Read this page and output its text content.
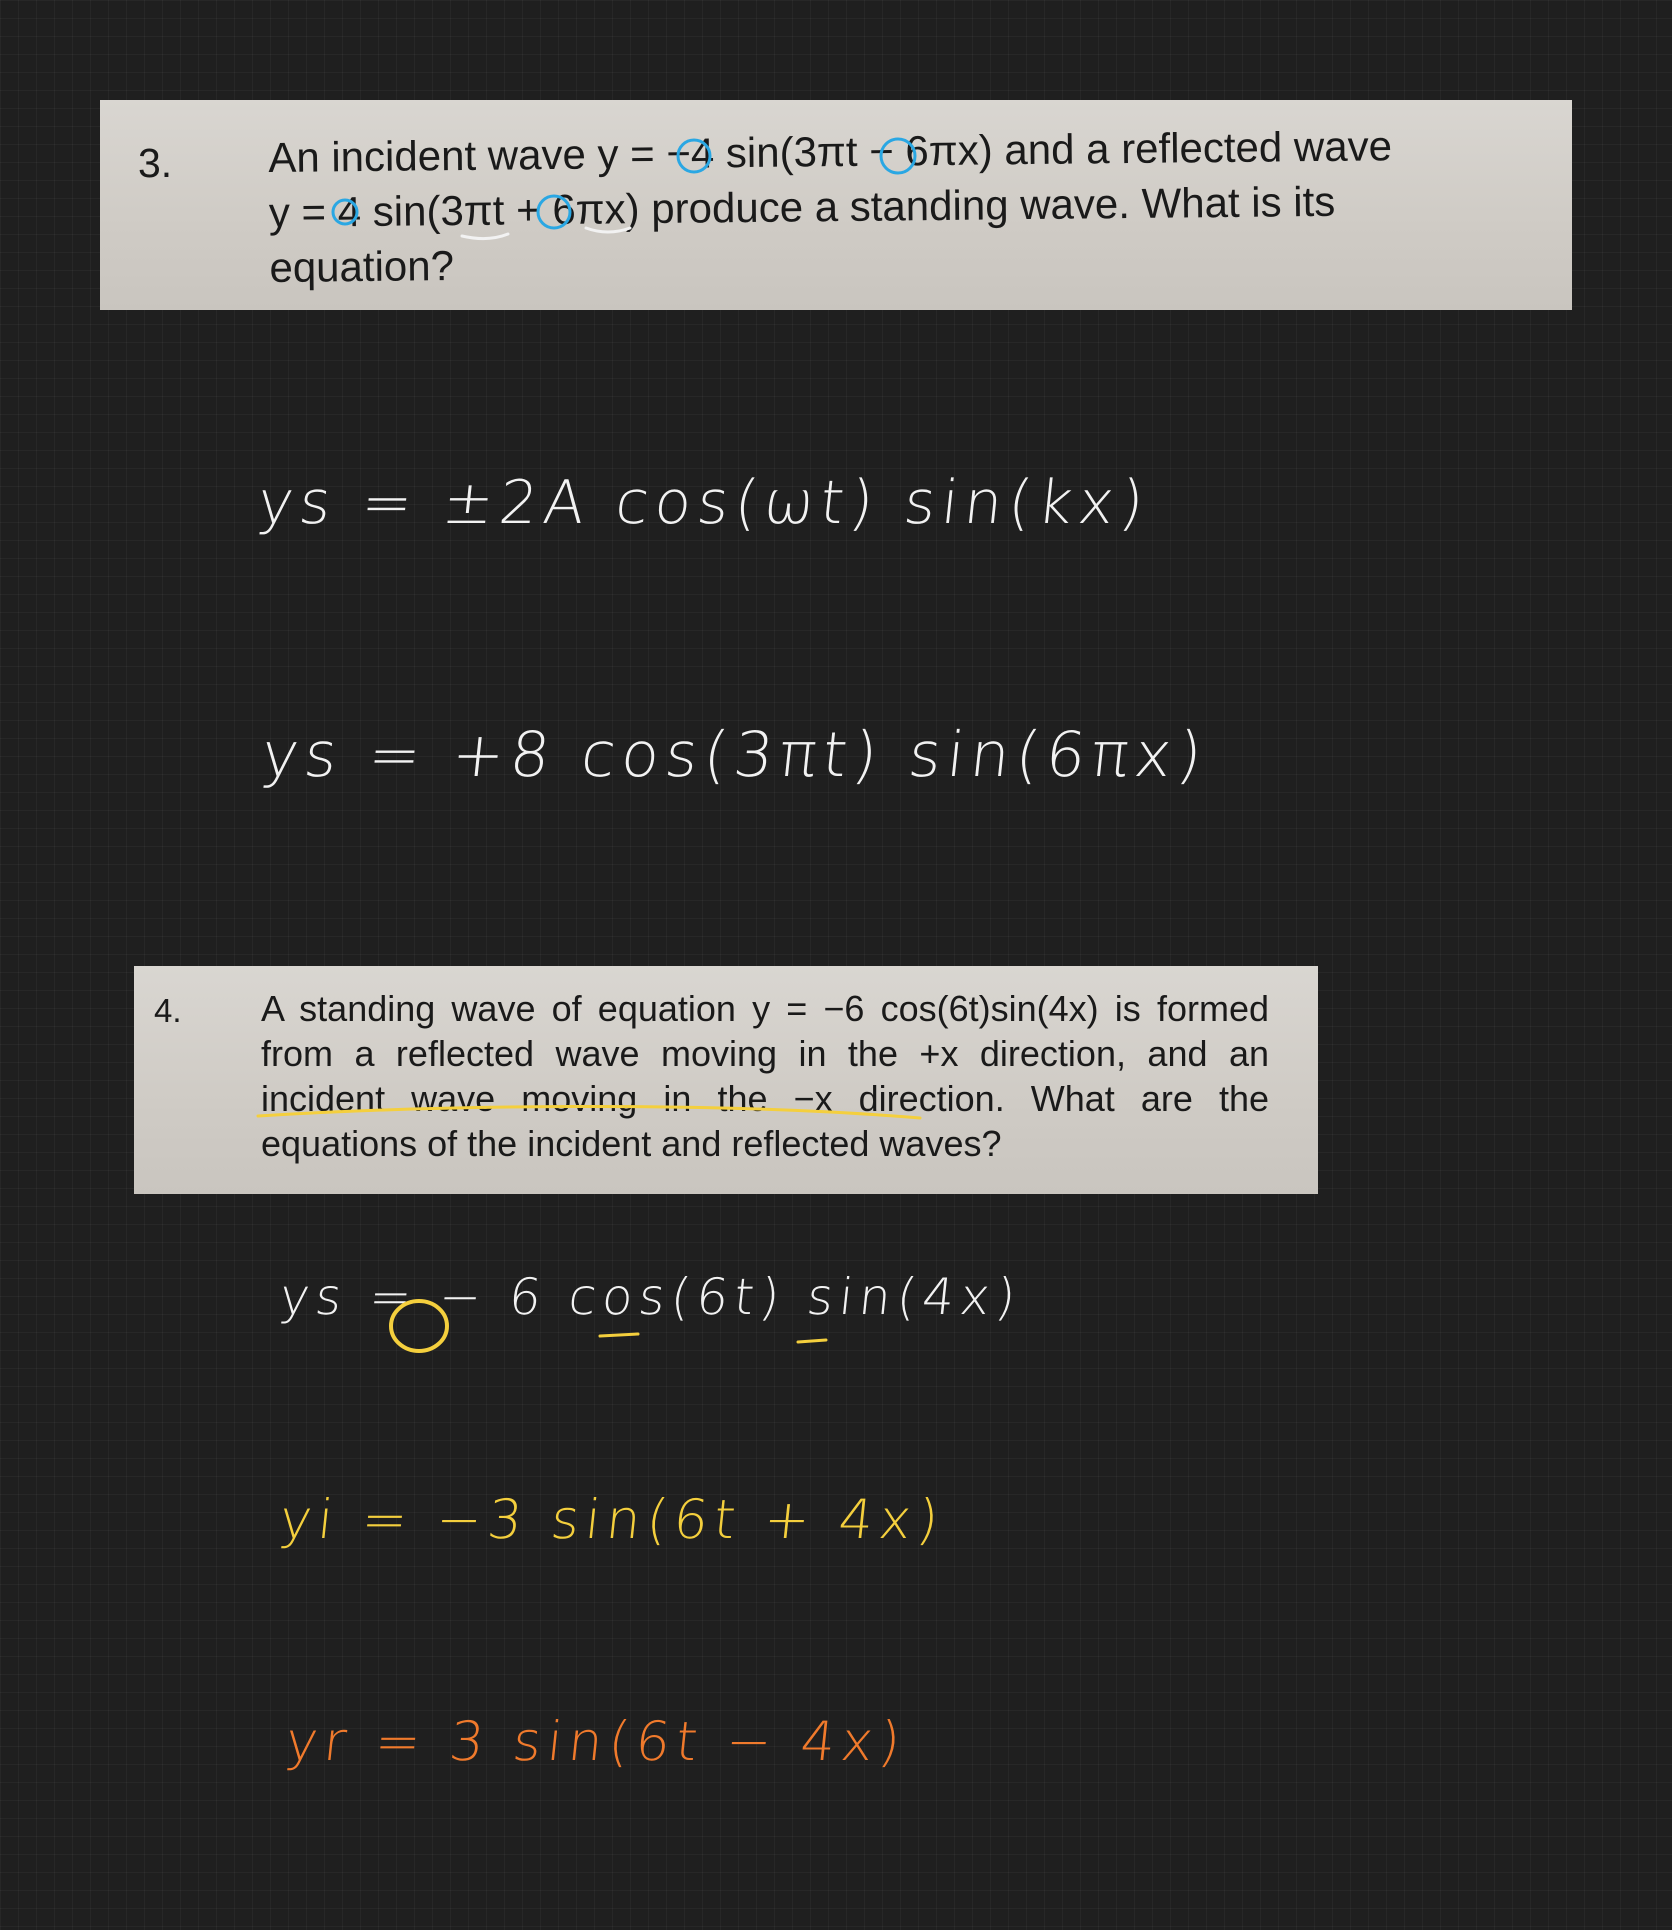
3. An incident wave y = −4 sin(3πt − 6πx) and a reflected wave
y = 4 sin(3πt + 6πx) produce a standing wave. What is its
equation?
ys = ±2A cos(ωt) sin(kx)
ys = +8 cos(3πt) sin(6πx)
4. A standing wave of equation y = −6 cos(6t)sin(4x) is formed
from a reflected wave moving in the +x direction, and an
incident wave moving in the −x direction. What are the
equations of the incident and reflected waves?
ys = − 6 cos(6t) sin(4x)
yi = −3 sin(6t + 4x)
yr = 3 sin(6t − 4x)
